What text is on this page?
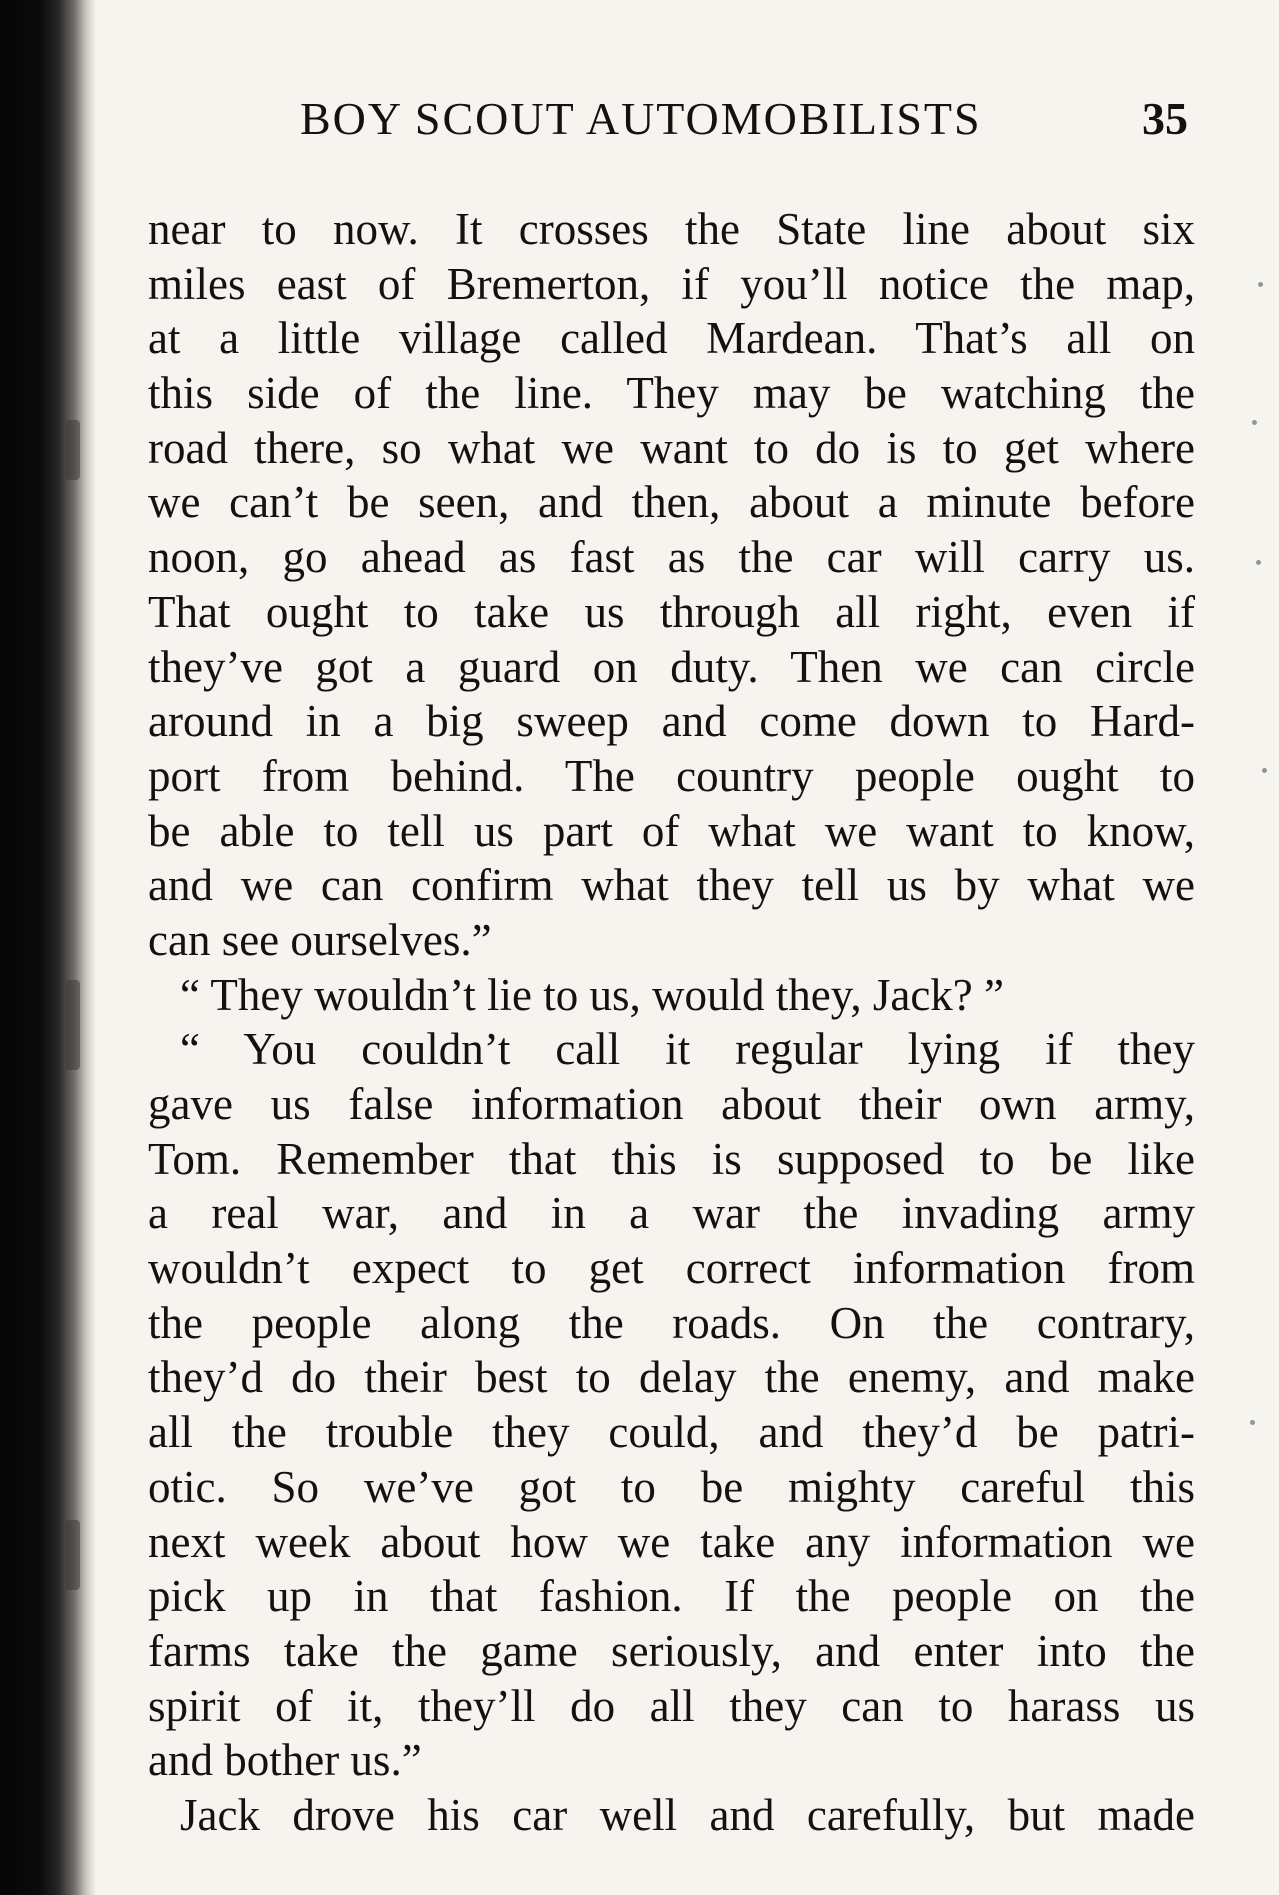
BOY SCOUT AUTOMOBILISTS	35
near to now. It crosses the State line about six
miles east of Bremerton, if you’ll notice the map,
at a little village called Mardean. That’s all on
this side of the line. They may be watching the
road there, so what we want to do is to get where
we can’t be seen, and then, about a minute before
noon, go ahead as fast as the car will carry us.
That ought to take us through all right, even if
they’ve got a guard on duty. Then we can circle
around in a big sweep and come down to Hard-
port from behind. The country people ought to
be able to tell us part of what we want to know,
and we can confirm what they tell us by what we
can see ourselves.”
“ They wouldn’t lie to us, would they, Jack? ”
“ You couldn’t call it regular lying if they
gave us false information about their own army,
Tom. Remember that this is supposed to be like
a real war, and in a war the invading army
wouldn’t expect to get correct information from
the people along the roads. On the contrary,
they’d do their best to delay the enemy, and make
all the trouble they could, and they’d be patri-
otic. So we’ve got to be mighty careful this
next week about how we take any information we
pick up in that fashion. If the people on the
farms take the game seriously, and enter into the
spirit of it, they’ll do all they can to harass us
and bother us.”
Jack drove his car well and carefully, but made
